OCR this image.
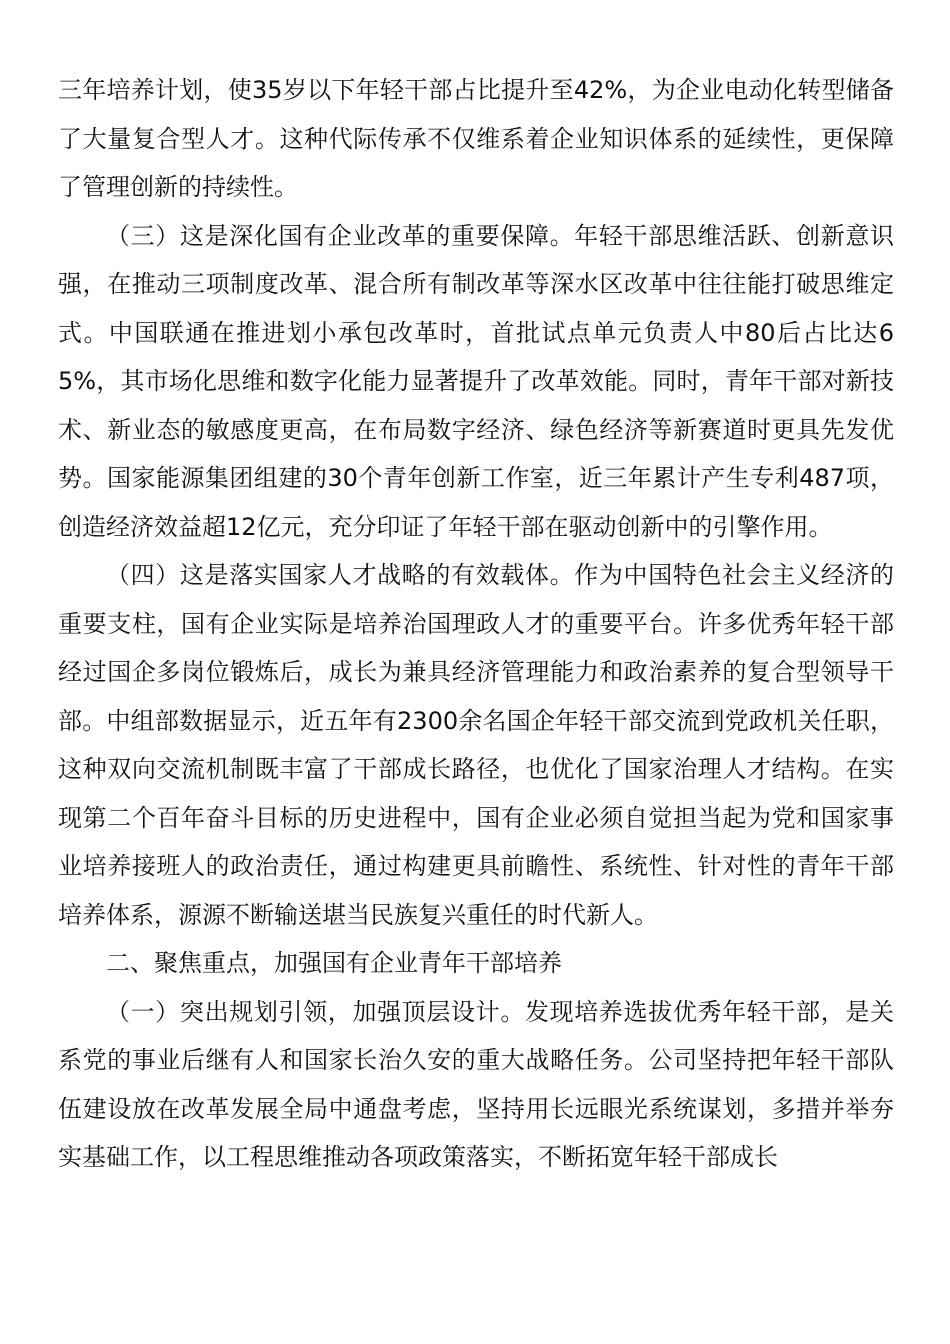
三年培养计划，使35岁以下年轻干部占比提升至42%，为企业电动化转型储备了大量复合型人才。这种代际传承不仅维系着企业知识体系的延续性，更保障了管理创新的持续性。

（三）这是深化国有企业改革的重要保障。年轻干部思维活跃、创新意识强，在推动三项制度改革、混合所有制改革等深水区改革中往往能打破思维定式。中国联通在推进划小承包改革时，首批试点单元负责人中80后占比达65%，其市场化思维和数字化能力显著提升了改革效能。同时，青年干部对新技术、新业态的敏感度更高，在布局数字经济、绿色经济等新赛道时更具先发优势。国家能源集团组建的30个青年创新工作室，近三年累计产生专利487项，创造经济效益超12亿元，充分印证了年轻干部在驱动创新中的引擎作用。

（四）这是落实国家人才战略的有效载体。作为中国特色社会主义经济的重要支柱，国有企业实际是培养治国理政人才的重要平台。许多优秀年轻干部经过国企多岗位锻炼后，成长为兼具经济管理能力和政治素养的复合型领导干部。中组部数据显示，近五年有2300余名国企年轻干部交流到党政机关任职，这种双向交流机制既丰富了干部成长路径，也优化了国家治理人才结构。在实现第二个百年奋斗目标的历史进程中，国有企业必须自觉担当起为党和国家事业培养接班人的政治责任，通过构建更具前瞻性、系统性、针对性的青年干部培养体系，源源不断输送堪当民族复兴重任的时代新人。

二、聚焦重点，加强国有企业青年干部培养

（一）突出规划引领，加强顶层设计。发现培养选拔优秀年轻干部，是关系党的事业后继有人和国家长治久安的重大战略任务。公司坚持把年轻干部队伍建设放在改革发展全局中通盘考虑，坚持用长远眼光系统谋划，多措并举夯实基础工作，以工程思维推动各项政策落实，不断拓宽年轻干部成长
